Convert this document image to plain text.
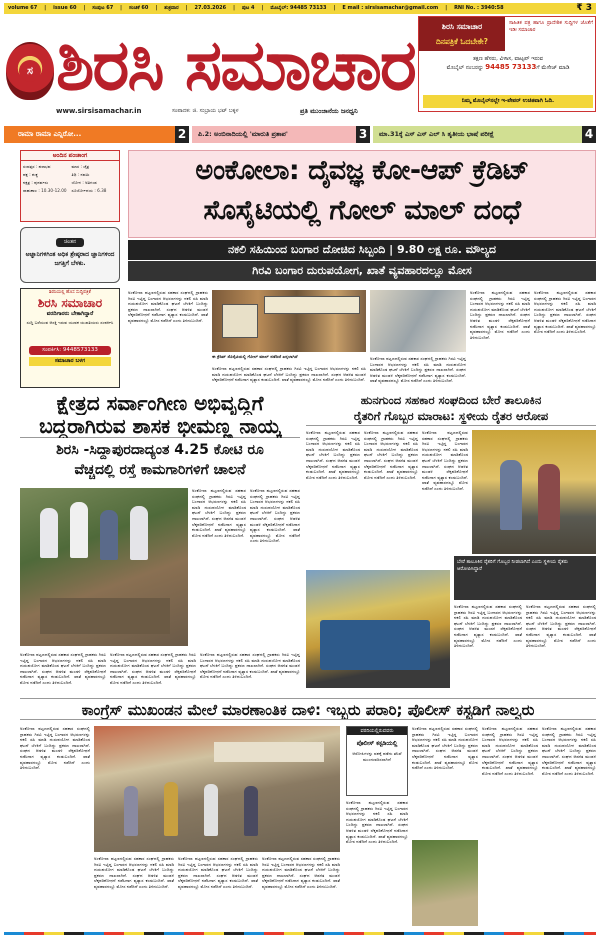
volume 67 | issue 60 | ಸಂಪುಟ 67 | ಸಂಚಿಕೆ 60 | ಶುಕ್ರವಾರ | 27.03.2026 | ಪುಟ 4 | ಮೊಬೈಲ್: 94485 73133 | E mail : sirsisamachar@gmail.com | RNI No. : 3940:58	₹ 3
ಸ ಶಿರಸಿ ಸಮಾಚಾರ
www.sirsisamachar.in	ಸಂಪಾದಕ: ಜಿ. ಸುಬ್ರಾಯ ಭಟ್ ಬಕ್ಕಳ	ಪ್ರತಿ ಮುಂಜಾನೆಯ ಜನಧ್ವನಿ
ಶಿರಸಿ ಸಮಾಚಾರ
ದಿನಪತ್ರಿಕೆ ಓದಬೇಕೇ?
ಸಾಹಿತಿಕ ಪತ್ರ ಹಾಗೂ ಪ್ರಾದೇಶಿಕ ಸುದ್ದಿಗಳ ಜೊತೆಗೆ ಇಡೀ ಸಮಾಚಾರ
ತಕ್ಷಣ ಹೆಸರು, ವಿಳಾಸ, ವಾಟ್ಸಪ್ ಇರುವ
ಮೊಬೈಲ್ ನಂಬರನ್ನು 94485 73133ಗೆ ಮೆಸೇಜ್ ಮಾಡಿ
ನಿಮ್ಮ ಮೊಬೈಲ್‌ನಲ್ಲೇ ಇ-ಪೇಪರ್ ಉಚಿತವಾಗಿ ಓದಿ.
ರಾಮಾ ರಾಮಾ ಎನ್ನಿರೋ...	2	ಪಿ.2: ಅಂಬಿನಾದಿಯಲ್ಲಿ 'ಮಾರುತಿ ಪ್ರತಾಪ'	3	ಮಾ.31ಕ್ಕೆ ಎಸ್ ಎಸ್ ಎಲ್ ಸಿ ತೃತೀಯ ಭಾಷೆ ಪರೀಕ್ಷೆ	4
ಅಂದಿನ ಪಂಚಾಂಗ
ಸಂವತ್ಸರ : ಪರಾಭವ	ಮಾಸ : ಚೈತ್ರ
ಪಕ್ಷ : ಶುಕ್ಲ	ತಿಥಿ : ನವಮಿ
ನಕ್ಷತ್ರ : ಪುನರ್ವಸು	ಯೋಗ : ಅತಿಗಂಡ
ರಾಹುಕಾಲ : 10.30-12.00	ಸೂರ್ಯೋದಯ : 6.38
ಚಿಂತನ
ಅಜ್ಞಾನಿಗಳಿಗಿಂತ ಅಧಿಕ ಶ್ರೇಷ್ಠರಾದ ಜ್ಞಾನಿಗಳಿಂದ ಜಗತ್ತಿಗೆ ಬೆಳಕು.
ಶಿರಸಿಯಲ್ಲಿ ಹೊಸ ಸುದ್ದಿಪತ್ರಿಕೆ
ಶಿರಸಿ ಸಮಾಚಾರ
ವರದಿಗಾರರು ಬೇಕಾಗಿದ್ದಾರೆ
ಸುದ್ದಿ ಬರೆಯುವ ಆಸಕ್ತಿ ಇರುವ ಯುವಕ ಯುವತಿಯರು ಸಂಪರ್ಕಿಸಿ
ಸಂಪರ್ಕಿಸಿ: 9448573133
ಸಮಾಚಾರ ಬಳಗ
ಅಂಕೋಲಾ: ದೈವಜ್ಞ ಕೋ-ಆಪ್ ಕ್ರೆಡಿಟ್
ಸೊಸೈಟಿಯಲ್ಲಿ ಗೋಲ್ ಮಾಲ್ ದಂಧೆ
ನಕಲಿ ಸಹಿಯಿಂದ ಬಂಗಾರ ದೋಚಿದ ಸಿಬ್ಬಂದಿ | 9.80 ಲಕ್ಷ ರೂ. ಮೌಲ್ಯದ
ಗಿರವಿ ಬಂಗಾರ ದುರುಪಯೋಗ, ಖಾತೆ ವ್ಯವಹಾರದಲ್ಲೂ ಮೋಸ
ಅಂಕೋಲಾ ಪಟ್ಟಣದಲ್ಲಿರುವ ಸಹಕಾರ ಸಂಘದಲ್ಲಿ ಗ್ರಾಹಕರು ಗಿರವಿ ಇಟ್ಟಿದ್ದ ಬಂಗಾರದ ಆಭರಣಗಳನ್ನು ನಕಲಿ ಸಹಿ ಮಾಡಿ ದುರುಪಯೋಗ ಮಾಡಿಕೊಂಡ ಘಟನೆ ಬೆಳಕಿಗೆ ಬಂದಿದ್ದು ಪ್ರಕರಣ ದಾಖಲಾಗಿದೆ. ಸಂಘದ ಆಡಳಿತ ಮಂಡಳಿ ಲೆಕ್ಕಪರಿಶೋಧನೆ ನಡೆಸಿದಾಗ ವ್ಯತ್ಯಾಸ ಕಂಡುಬಂದಿದೆ. ಖಾತೆ ವ್ಯವಹಾರದಲ್ಲೂ ಮೋಸ ನಡೆದಿದೆ ಎಂದು ತಿಳಿದುಬಂದಿದೆ.
ಈ ಕ್ರೆಡಿಟ್ ಸೊಸೈಟಿಯಲ್ಲಿ ಗೋಲ್ ಮಾಲ್ ನಡೆದಿದೆ ಎನ್ನಲಾಗಿದೆ
ಅಂಕೋಲಾ ಪಟ್ಟಣದಲ್ಲಿರುವ ಸಹಕಾರ ಸಂಘದಲ್ಲಿ ಗ್ರಾಹಕರು ಗಿರವಿ ಇಟ್ಟಿದ್ದ ಬಂಗಾರದ ಆಭರಣಗಳನ್ನು ನಕಲಿ ಸಹಿ ಮಾಡಿ ದುರುಪಯೋಗ ಮಾಡಿಕೊಂಡ ಘಟನೆ ಬೆಳಕಿಗೆ ಬಂದಿದ್ದು ಪ್ರಕರಣ ದಾಖಲಾಗಿದೆ. ಸಂಘದ ಆಡಳಿತ ಮಂಡಳಿ ಲೆಕ್ಕಪರಿಶೋಧನೆ ನಡೆಸಿದಾಗ ವ್ಯತ್ಯಾಸ ಕಂಡುಬಂದಿದೆ. ಖಾತೆ ವ್ಯವಹಾರದಲ್ಲೂ ಮೋಸ ನಡೆದಿದೆ ಎಂದು ತಿಳಿದುಬಂದಿದೆ.
ಅಂಕೋಲಾ ಪಟ್ಟಣದಲ್ಲಿರುವ ಸಹಕಾರ ಸಂಘದಲ್ಲಿ ಗ್ರಾಹಕರು ಗಿರವಿ ಇಟ್ಟಿದ್ದ ಬಂಗಾರದ ಆಭರಣಗಳನ್ನು ನಕಲಿ ಸಹಿ ಮಾಡಿ ದುರುಪಯೋಗ ಮಾಡಿಕೊಂಡ ಘಟನೆ ಬೆಳಕಿಗೆ ಬಂದಿದ್ದು ಪ್ರಕರಣ ದಾಖಲಾಗಿದೆ. ಸಂಘದ ಆಡಳಿತ ಮಂಡಳಿ ಲೆಕ್ಕಪರಿಶೋಧನೆ ನಡೆಸಿದಾಗ ವ್ಯತ್ಯಾಸ ಕಂಡುಬಂದಿದೆ. ಖಾತೆ ವ್ಯವಹಾರದಲ್ಲೂ ಮೋಸ ನಡೆದಿದೆ ಎಂದು ತಿಳಿದುಬಂದಿದೆ.
ಅಂಕೋಲಾ ಪಟ್ಟಣದಲ್ಲಿರುವ ಸಹಕಾರ ಸಂಘದಲ್ಲಿ ಗ್ರಾಹಕರು ಗಿರವಿ ಇಟ್ಟಿದ್ದ ಬಂಗಾರದ ಆಭರಣಗಳನ್ನು ನಕಲಿ ಸಹಿ ಮಾಡಿ ದುರುಪಯೋಗ ಮಾಡಿಕೊಂಡ ಘಟನೆ ಬೆಳಕಿಗೆ ಬಂದಿದ್ದು ಪ್ರಕರಣ ದಾಖಲಾಗಿದೆ. ಸಂಘದ ಆಡಳಿತ ಮಂಡಳಿ ಲೆಕ್ಕಪರಿಶೋಧನೆ ನಡೆಸಿದಾಗ ವ್ಯತ್ಯಾಸ ಕಂಡುಬಂದಿದೆ. ಖಾತೆ ವ್ಯವಹಾರದಲ್ಲೂ ಮೋಸ ನಡೆದಿದೆ ಎಂದು ತಿಳಿದುಬಂದಿದೆ.
ಅಂಕೋಲಾ ಪಟ್ಟಣದಲ್ಲಿರುವ ಸಹಕಾರ ಸಂಘದಲ್ಲಿ ಗ್ರಾಹಕರು ಗಿರವಿ ಇಟ್ಟಿದ್ದ ಬಂಗಾರದ ಆಭರಣಗಳನ್ನು ನಕಲಿ ಸಹಿ ಮಾಡಿ ದುರುಪಯೋಗ ಮಾಡಿಕೊಂಡ ಘಟನೆ ಬೆಳಕಿಗೆ ಬಂದಿದ್ದು ಪ್ರಕರಣ ದಾಖಲಾಗಿದೆ. ಸಂಘದ ಆಡಳಿತ ಮಂಡಳಿ ಲೆಕ್ಕಪರಿಶೋಧನೆ ನಡೆಸಿದಾಗ ವ್ಯತ್ಯಾಸ ಕಂಡುಬಂದಿದೆ. ಖಾತೆ ವ್ಯವಹಾರದಲ್ಲೂ ಮೋಸ ನಡೆದಿದೆ ಎಂದು ತಿಳಿದುಬಂದಿದೆ.
ಕ್ಷೇತ್ರದ ಸರ್ವಾಂಗೀಣ ಅಭಿವೃದ್ಧಿಗೆ
ಬದ್ಧರಾಗಿರುವ ಶಾಸಕ ಭೀಮಣ್ಣ ನಾಯ್ಕ
ಶಿರಸಿ -ಸಿದ್ದಾಪುರದಾದ್ಯಂತ 4.25 ಕೋಟಿ ರೂ
ವೆಚ್ಚದಲ್ಲಿ ರಸ್ತೆ ಕಾಮಗಾರಿಗಳಿಗೆ ಚಾಲನೆ
ಅಂಕೋಲಾ ಪಟ್ಟಣದಲ್ಲಿರುವ ಸಹಕಾರ ಸಂಘದಲ್ಲಿ ಗ್ರಾಹಕರು ಗಿರವಿ ಇಟ್ಟಿದ್ದ ಬಂಗಾರದ ಆಭರಣಗಳನ್ನು ನಕಲಿ ಸಹಿ ಮಾಡಿ ದುರುಪಯೋಗ ಮಾಡಿಕೊಂಡ ಘಟನೆ ಬೆಳಕಿಗೆ ಬಂದಿದ್ದು ಪ್ರಕರಣ ದಾಖಲಾಗಿದೆ. ಸಂಘದ ಆಡಳಿತ ಮಂಡಳಿ ಲೆಕ್ಕಪರಿಶೋಧನೆ ನಡೆಸಿದಾಗ ವ್ಯತ್ಯಾಸ ಕಂಡುಬಂದಿದೆ. ಖಾತೆ ವ್ಯವಹಾರದಲ್ಲೂ ಮೋಸ ನಡೆದಿದೆ ಎಂದು ತಿಳಿದುಬಂದಿದೆ.
ಅಂಕೋಲಾ ಪಟ್ಟಣದಲ್ಲಿರುವ ಸಹಕಾರ ಸಂಘದಲ್ಲಿ ಗ್ರಾಹಕರು ಗಿರವಿ ಇಟ್ಟಿದ್ದ ಬಂಗಾರದ ಆಭರಣಗಳನ್ನು ನಕಲಿ ಸಹಿ ಮಾಡಿ ದುರುಪಯೋಗ ಮಾಡಿಕೊಂಡ ಘಟನೆ ಬೆಳಕಿಗೆ ಬಂದಿದ್ದು ಪ್ರಕರಣ ದಾಖಲಾಗಿದೆ. ಸಂಘದ ಆಡಳಿತ ಮಂಡಳಿ ಲೆಕ್ಕಪರಿಶೋಧನೆ ನಡೆಸಿದಾಗ ವ್ಯತ್ಯಾಸ ಕಂಡುಬಂದಿದೆ. ಖಾತೆ ವ್ಯವಹಾರದಲ್ಲೂ ಮೋಸ ನಡೆದಿದೆ ಎಂದು ತಿಳಿದುಬಂದಿದೆ.
ಅಂಕೋಲಾ ಪಟ್ಟಣದಲ್ಲಿರುವ ಸಹಕಾರ ಸಂಘದಲ್ಲಿ ಗ್ರಾಹಕರು ಗಿರವಿ ಇಟ್ಟಿದ್ದ ಬಂಗಾರದ ಆಭರಣಗಳನ್ನು ನಕಲಿ ಸಹಿ ಮಾಡಿ ದುರುಪಯೋಗ ಮಾಡಿಕೊಂಡ ಘಟನೆ ಬೆಳಕಿಗೆ ಬಂದಿದ್ದು ಪ್ರಕರಣ ದಾಖಲಾಗಿದೆ. ಸಂಘದ ಆಡಳಿತ ಮಂಡಳಿ ಲೆಕ್ಕಪರಿಶೋಧನೆ ನಡೆಸಿದಾಗ ವ್ಯತ್ಯಾಸ ಕಂಡುಬಂದಿದೆ. ಖಾತೆ ವ್ಯವಹಾರದಲ್ಲೂ ಮೋಸ ನಡೆದಿದೆ ಎಂದು ತಿಳಿದುಬಂದಿದೆ.
ಅಂಕೋಲಾ ಪಟ್ಟಣದಲ್ಲಿರುವ ಸಹಕಾರ ಸಂಘದಲ್ಲಿ ಗ್ರಾಹಕರು ಗಿರವಿ ಇಟ್ಟಿದ್ದ ಬಂಗಾರದ ಆಭರಣಗಳನ್ನು ನಕಲಿ ಸಹಿ ಮಾಡಿ ದುರುಪಯೋಗ ಮಾಡಿಕೊಂಡ ಘಟನೆ ಬೆಳಕಿಗೆ ಬಂದಿದ್ದು ಪ್ರಕರಣ ದಾಖಲಾಗಿದೆ. ಸಂಘದ ಆಡಳಿತ ಮಂಡಳಿ ಲೆಕ್ಕಪರಿಶೋಧನೆ ನಡೆಸಿದಾಗ ವ್ಯತ್ಯಾಸ ಕಂಡುಬಂದಿದೆ. ಖಾತೆ ವ್ಯವಹಾರದಲ್ಲೂ ಮೋಸ ನಡೆದಿದೆ ಎಂದು ತಿಳಿದುಬಂದಿದೆ.
ಅಂಕೋಲಾ ಪಟ್ಟಣದಲ್ಲಿರುವ ಸಹಕಾರ ಸಂಘದಲ್ಲಿ ಗ್ರಾಹಕರು ಗಿರವಿ ಇಟ್ಟಿದ್ದ ಬಂಗಾರದ ಆಭರಣಗಳನ್ನು ನಕಲಿ ಸಹಿ ಮಾಡಿ ದುರುಪಯೋಗ ಮಾಡಿಕೊಂಡ ಘಟನೆ ಬೆಳಕಿಗೆ ಬಂದಿದ್ದು ಪ್ರಕರಣ ದಾಖಲಾಗಿದೆ. ಸಂಘದ ಆಡಳಿತ ಮಂಡಳಿ ಲೆಕ್ಕಪರಿಶೋಧನೆ ನಡೆಸಿದಾಗ ವ್ಯತ್ಯಾಸ ಕಂಡುಬಂದಿದೆ. ಖಾತೆ ವ್ಯವಹಾರದಲ್ಲೂ ಮೋಸ ನಡೆದಿದೆ ಎಂದು ತಿಳಿದುಬಂದಿದೆ.
ಹುನಗುಂದ ಸಹಕಾರ ಸಂಘದಿಂದ ಬೇರೆ ತಾಲೂಕಿನ
ರೈತರಿಗೆ ಗೊಬ್ಬರ ಮಾರಾಟ: ಸ್ಥಳೀಯ ರೈತರ ಆರೋಪ
ಅಂಕೋಲಾ ಪಟ್ಟಣದಲ್ಲಿರುವ ಸಹಕಾರ ಸಂಘದಲ್ಲಿ ಗ್ರಾಹಕರು ಗಿರವಿ ಇಟ್ಟಿದ್ದ ಬಂಗಾರದ ಆಭರಣಗಳನ್ನು ನಕಲಿ ಸಹಿ ಮಾಡಿ ದುರುಪಯೋಗ ಮಾಡಿಕೊಂಡ ಘಟನೆ ಬೆಳಕಿಗೆ ಬಂದಿದ್ದು ಪ್ರಕರಣ ದಾಖಲಾಗಿದೆ. ಸಂಘದ ಆಡಳಿತ ಮಂಡಳಿ ಲೆಕ್ಕಪರಿಶೋಧನೆ ನಡೆಸಿದಾಗ ವ್ಯತ್ಯಾಸ ಕಂಡುಬಂದಿದೆ. ಖಾತೆ ವ್ಯವಹಾರದಲ್ಲೂ ಮೋಸ ನಡೆದಿದೆ ಎಂದು ತಿಳಿದುಬಂದಿದೆ.
ಅಂಕೋಲಾ ಪಟ್ಟಣದಲ್ಲಿರುವ ಸಹಕಾರ ಸಂಘದಲ್ಲಿ ಗ್ರಾಹಕರು ಗಿರವಿ ಇಟ್ಟಿದ್ದ ಬಂಗಾರದ ಆಭರಣಗಳನ್ನು ನಕಲಿ ಸಹಿ ಮಾಡಿ ದುರುಪಯೋಗ ಮಾಡಿಕೊಂಡ ಘಟನೆ ಬೆಳಕಿಗೆ ಬಂದಿದ್ದು ಪ್ರಕರಣ ದಾಖಲಾಗಿದೆ. ಸಂಘದ ಆಡಳಿತ ಮಂಡಳಿ ಲೆಕ್ಕಪರಿಶೋಧನೆ ನಡೆಸಿದಾಗ ವ್ಯತ್ಯಾಸ ಕಂಡುಬಂದಿದೆ. ಖಾತೆ ವ್ಯವಹಾರದಲ್ಲೂ ಮೋಸ ನಡೆದಿದೆ ಎಂದು ತಿಳಿದುಬಂದಿದೆ.
ಅಂಕೋಲಾ ಪಟ್ಟಣದಲ್ಲಿರುವ ಸಹಕಾರ ಸಂಘದಲ್ಲಿ ಗ್ರಾಹಕರು ಗಿರವಿ ಇಟ್ಟಿದ್ದ ಬಂಗಾರದ ಆಭರಣಗಳನ್ನು ನಕಲಿ ಸಹಿ ಮಾಡಿ ದುರುಪಯೋಗ ಮಾಡಿಕೊಂಡ ಘಟನೆ ಬೆಳಕಿಗೆ ಬಂದಿದ್ದು ಪ್ರಕರಣ ದಾಖಲಾಗಿದೆ. ಸಂಘದ ಆಡಳಿತ ಮಂಡಳಿ ಲೆಕ್ಕಪರಿಶೋಧನೆ ನಡೆಸಿದಾಗ ವ್ಯತ್ಯಾಸ ಕಂಡುಬಂದಿದೆ. ಖಾತೆ ವ್ಯವಹಾರದಲ್ಲೂ ಮೋಸ ನಡೆದಿದೆ ಎಂದು ತಿಳಿದುಬಂದಿದೆ.
ಬೇರೆ ತಾಲೂಕಿನ ರೈತರಿಗೆ ಗೊಬ್ಬರ ನೀಡಲಾಗಿದೆ ಎಂದು ಸ್ಥಳೀಯ ರೈತರು ಆರೋಪಿಸಿದ್ದಾರೆ
ಅಂಕೋಲಾ ಪಟ್ಟಣದಲ್ಲಿರುವ ಸಹಕಾರ ಸಂಘದಲ್ಲಿ ಗ್ರಾಹಕರು ಗಿರವಿ ಇಟ್ಟಿದ್ದ ಬಂಗಾರದ ಆಭರಣಗಳನ್ನು ನಕಲಿ ಸಹಿ ಮಾಡಿ ದುರುಪಯೋಗ ಮಾಡಿಕೊಂಡ ಘಟನೆ ಬೆಳಕಿಗೆ ಬಂದಿದ್ದು ಪ್ರಕರಣ ದಾಖಲಾಗಿದೆ. ಸಂಘದ ಆಡಳಿತ ಮಂಡಳಿ ಲೆಕ್ಕಪರಿಶೋಧನೆ ನಡೆಸಿದಾಗ ವ್ಯತ್ಯಾಸ ಕಂಡುಬಂದಿದೆ. ಖಾತೆ ವ್ಯವಹಾರದಲ್ಲೂ ಮೋಸ ನಡೆದಿದೆ ಎಂದು ತಿಳಿದುಬಂದಿದೆ.
ಅಂಕೋಲಾ ಪಟ್ಟಣದಲ್ಲಿರುವ ಸಹಕಾರ ಸಂಘದಲ್ಲಿ ಗ್ರಾಹಕರು ಗಿರವಿ ಇಟ್ಟಿದ್ದ ಬಂಗಾರದ ಆಭರಣಗಳನ್ನು ನಕಲಿ ಸಹಿ ಮಾಡಿ ದುರುಪಯೋಗ ಮಾಡಿಕೊಂಡ ಘಟನೆ ಬೆಳಕಿಗೆ ಬಂದಿದ್ದು ಪ್ರಕರಣ ದಾಖಲಾಗಿದೆ. ಸಂಘದ ಆಡಳಿತ ಮಂಡಳಿ ಲೆಕ್ಕಪರಿಶೋಧನೆ ನಡೆಸಿದಾಗ ವ್ಯತ್ಯಾಸ ಕಂಡುಬಂದಿದೆ. ಖಾತೆ ವ್ಯವಹಾರದಲ್ಲೂ ಮೋಸ ನಡೆದಿದೆ ಎಂದು ತಿಳಿದುಬಂದಿದೆ.
ಕಾಂಗ್ರೆಸ್ ಮುಖಂಡನ ಮೇಲೆ ಮಾರಣಾಂತಿಕ ದಾಳಿ: ಇಬ್ಬರು ಪರಾರಿ; ಪೊಲೀಸ್ ಕಸ್ಟಡಿಗೆ ನಾಲ್ವರು
ಅಂಕೋಲಾ ಪಟ್ಟಣದಲ್ಲಿರುವ ಸಹಕಾರ ಸಂಘದಲ್ಲಿ ಗ್ರಾಹಕರು ಗಿರವಿ ಇಟ್ಟಿದ್ದ ಬಂಗಾರದ ಆಭರಣಗಳನ್ನು ನಕಲಿ ಸಹಿ ಮಾಡಿ ದುರುಪಯೋಗ ಮಾಡಿಕೊಂಡ ಘಟನೆ ಬೆಳಕಿಗೆ ಬಂದಿದ್ದು ಪ್ರಕರಣ ದಾಖಲಾಗಿದೆ. ಸಂಘದ ಆಡಳಿತ ಮಂಡಳಿ ಲೆಕ್ಕಪರಿಶೋಧನೆ ನಡೆಸಿದಾಗ ವ್ಯತ್ಯಾಸ ಕಂಡುಬಂದಿದೆ. ಖಾತೆ ವ್ಯವಹಾರದಲ್ಲೂ ಮೋಸ ನಡೆದಿದೆ ಎಂದು ತಿಳಿದುಬಂದಿದೆ.
ಅಂಕೋಲಾ ಪಟ್ಟಣದಲ್ಲಿರುವ ಸಹಕಾರ ಸಂಘದಲ್ಲಿ ಗ್ರಾಹಕರು ಗಿರವಿ ಇಟ್ಟಿದ್ದ ಬಂಗಾರದ ಆಭರಣಗಳನ್ನು ನಕಲಿ ಸಹಿ ಮಾಡಿ ದುರುಪಯೋಗ ಮಾಡಿಕೊಂಡ ಘಟನೆ ಬೆಳಕಿಗೆ ಬಂದಿದ್ದು ಪ್ರಕರಣ ದಾಖಲಾಗಿದೆ. ಸಂಘದ ಆಡಳಿತ ಮಂಡಳಿ ಲೆಕ್ಕಪರಿಶೋಧನೆ ನಡೆಸಿದಾಗ ವ್ಯತ್ಯಾಸ ಕಂಡುಬಂದಿದೆ. ಖಾತೆ ವ್ಯವಹಾರದಲ್ಲೂ ಮೋಸ ನಡೆದಿದೆ ಎಂದು ತಿಳಿದುಬಂದಿದೆ.
ಅಂಕೋಲಾ ಪಟ್ಟಣದಲ್ಲಿರುವ ಸಹಕಾರ ಸಂಘದಲ್ಲಿ ಗ್ರಾಹಕರು ಗಿರವಿ ಇಟ್ಟಿದ್ದ ಬಂಗಾರದ ಆಭರಣಗಳನ್ನು ನಕಲಿ ಸಹಿ ಮಾಡಿ ದುರುಪಯೋಗ ಮಾಡಿಕೊಂಡ ಘಟನೆ ಬೆಳಕಿಗೆ ಬಂದಿದ್ದು ಪ್ರಕರಣ ದಾಖಲಾಗಿದೆ. ಸಂಘದ ಆಡಳಿತ ಮಂಡಳಿ ಲೆಕ್ಕಪರಿಶೋಧನೆ ನಡೆಸಿದಾಗ ವ್ಯತ್ಯಾಸ ಕಂಡುಬಂದಿದೆ. ಖಾತೆ ವ್ಯವಹಾರದಲ್ಲೂ ಮೋಸ ನಡೆದಿದೆ ಎಂದು ತಿಳಿದುಬಂದಿದೆ.
ಅಂಕೋಲಾ ಪಟ್ಟಣದಲ್ಲಿರುವ ಸಹಕಾರ ಸಂಘದಲ್ಲಿ ಗ್ರಾಹಕರು ಗಿರವಿ ಇಟ್ಟಿದ್ದ ಬಂಗಾರದ ಆಭರಣಗಳನ್ನು ನಕಲಿ ಸಹಿ ಮಾಡಿ ದುರುಪಯೋಗ ಮಾಡಿಕೊಂಡ ಘಟನೆ ಬೆಳಕಿಗೆ ಬಂದಿದ್ದು ಪ್ರಕರಣ ದಾಖಲಾಗಿದೆ. ಸಂಘದ ಆಡಳಿತ ಮಂಡಳಿ ಲೆಕ್ಕಪರಿಶೋಧನೆ ನಡೆಸಿದಾಗ ವ್ಯತ್ಯಾಸ ಕಂಡುಬಂದಿದೆ. ಖಾತೆ ವ್ಯವಹಾರದಲ್ಲೂ ಮೋಸ ನಡೆದಿದೆ ಎಂದು ತಿಳಿದುಬಂದಿದೆ.
ವರದಿಯಲ್ಲಿರುವವರು
ಪೊಲೀಸ್ ಕಸ್ಟಡಿಯಲ್ಲಿ
ಆರೋಪಿಗಳನ್ನು ವಶಕ್ಕೆ ಪಡೆದು ತನಿಖೆ ಮುಂದುವರಿಸಲಾಗಿದೆ
ಅಂಕೋಲಾ ಪಟ್ಟಣದಲ್ಲಿರುವ ಸಹಕಾರ ಸಂಘದಲ್ಲಿ ಗ್ರಾಹಕರು ಗಿರವಿ ಇಟ್ಟಿದ್ದ ಬಂಗಾರದ ಆಭರಣಗಳನ್ನು ನಕಲಿ ಸಹಿ ಮಾಡಿ ದುರುಪಯೋಗ ಮಾಡಿಕೊಂಡ ಘಟನೆ ಬೆಳಕಿಗೆ ಬಂದಿದ್ದು ಪ್ರಕರಣ ದಾಖಲಾಗಿದೆ. ಸಂಘದ ಆಡಳಿತ ಮಂಡಳಿ ಲೆಕ್ಕಪರಿಶೋಧನೆ ನಡೆಸಿದಾಗ ವ್ಯತ್ಯಾಸ ಕಂಡುಬಂದಿದೆ. ಖಾತೆ ವ್ಯವಹಾರದಲ್ಲೂ ಮೋಸ ನಡೆದಿದೆ ಎಂದು ತಿಳಿದುಬಂದಿದೆ.
ಅಂಕೋಲಾ ಪಟ್ಟಣದಲ್ಲಿರುವ ಸಹಕಾರ ಸಂಘದಲ್ಲಿ ಗ್ರಾಹಕರು ಗಿರವಿ ಇಟ್ಟಿದ್ದ ಬಂಗಾರದ ಆಭರಣಗಳನ್ನು ನಕಲಿ ಸಹಿ ಮಾಡಿ ದುರುಪಯೋಗ ಮಾಡಿಕೊಂಡ ಘಟನೆ ಬೆಳಕಿಗೆ ಬಂದಿದ್ದು ಪ್ರಕರಣ ದಾಖಲಾಗಿದೆ. ಸಂಘದ ಆಡಳಿತ ಮಂಡಳಿ ಲೆಕ್ಕಪರಿಶೋಧನೆ ನಡೆಸಿದಾಗ ವ್ಯತ್ಯಾಸ ಕಂಡುಬಂದಿದೆ. ಖಾತೆ ವ್ಯವಹಾರದಲ್ಲೂ ಮೋಸ ನಡೆದಿದೆ ಎಂದು ತಿಳಿದುಬಂದಿದೆ.
ಅಂಕೋಲಾ ಪಟ್ಟಣದಲ್ಲಿರುವ ಸಹಕಾರ ಸಂಘದಲ್ಲಿ ಗ್ರಾಹಕರು ಗಿರವಿ ಇಟ್ಟಿದ್ದ ಬಂಗಾರದ ಆಭರಣಗಳನ್ನು ನಕಲಿ ಸಹಿ ಮಾಡಿ ದುರುಪಯೋಗ ಮಾಡಿಕೊಂಡ ಘಟನೆ ಬೆಳಕಿಗೆ ಬಂದಿದ್ದು ಪ್ರಕರಣ ದಾಖಲಾಗಿದೆ. ಸಂಘದ ಆಡಳಿತ ಮಂಡಳಿ ಲೆಕ್ಕಪರಿಶೋಧನೆ ನಡೆಸಿದಾಗ ವ್ಯತ್ಯಾಸ ಕಂಡುಬಂದಿದೆ. ಖಾತೆ ವ್ಯವಹಾರದಲ್ಲೂ ಮೋಸ ನಡೆದಿದೆ ಎಂದು ತಿಳಿದುಬಂದಿದೆ.
ಅಂಕೋಲಾ ಪಟ್ಟಣದಲ್ಲಿರುವ ಸಹಕಾರ ಸಂಘದಲ್ಲಿ ಗ್ರಾಹಕರು ಗಿರವಿ ಇಟ್ಟಿದ್ದ ಬಂಗಾರದ ಆಭರಣಗಳನ್ನು ನಕಲಿ ಸಹಿ ಮಾಡಿ ದುರುಪಯೋಗ ಮಾಡಿಕೊಂಡ ಘಟನೆ ಬೆಳಕಿಗೆ ಬಂದಿದ್ದು ಪ್ರಕರಣ ದಾಖಲಾಗಿದೆ. ಸಂಘದ ಆಡಳಿತ ಮಂಡಳಿ ಲೆಕ್ಕಪರಿಶೋಧನೆ ನಡೆಸಿದಾಗ ವ್ಯತ್ಯಾಸ ಕಂಡುಬಂದಿದೆ. ಖಾತೆ ವ್ಯವಹಾರದಲ್ಲೂ ಮೋಸ ನಡೆದಿದೆ ಎಂದು ತಿಳಿದುಬಂದಿದೆ.
